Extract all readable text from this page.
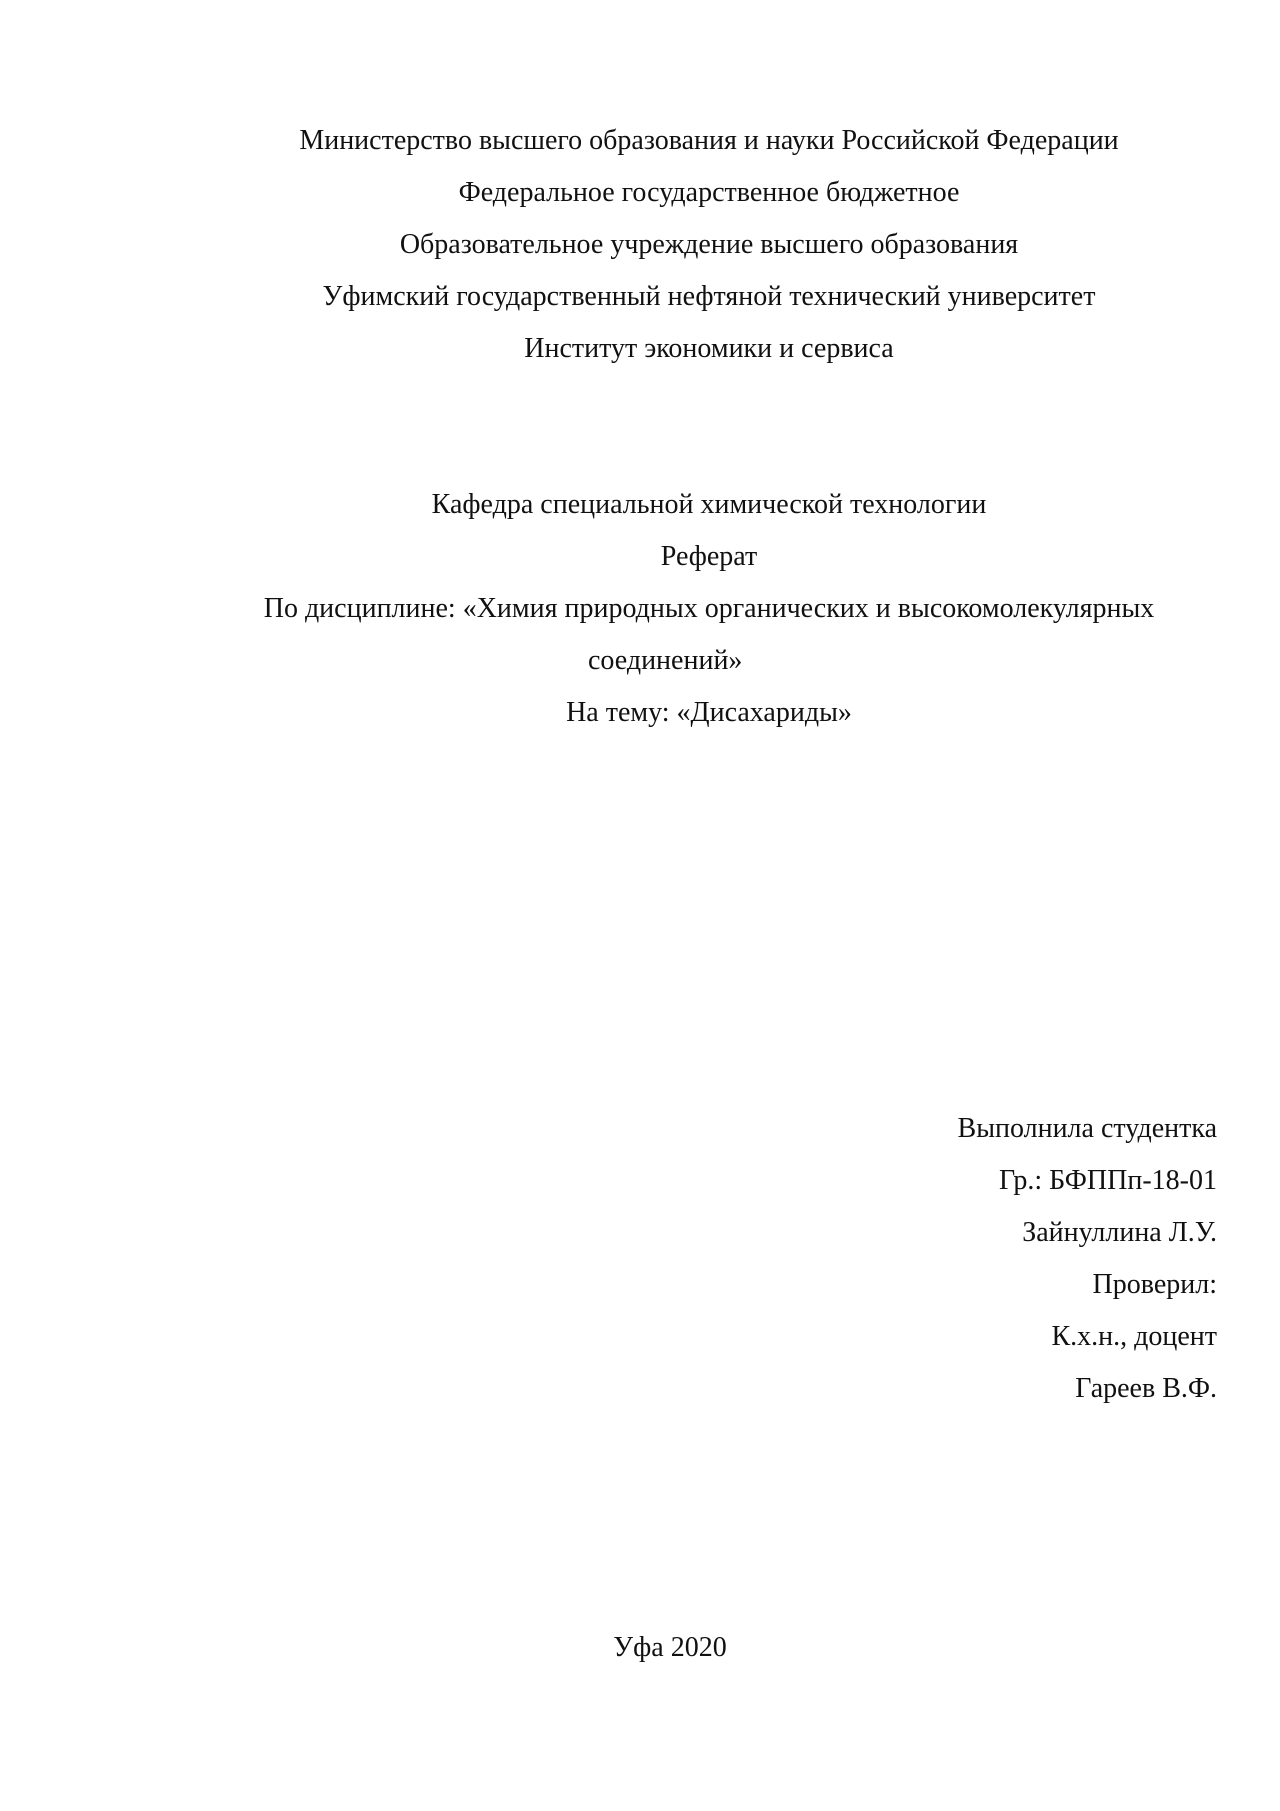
Министерство высшего образования и науки Российской Федерации
Федеральное государственное бюджетное
Образовательное учреждение высшего образования
Уфимский государственный нефтяной технический университет
Институт экономики и сервиса
Кафедра специальной химической технологии
Реферат
По дисциплине: «Химия природных органических и высокомолекулярных
соединений»
На тему: «Дисахариды»
Выполнила студентка
Гр.: БФППп-18-01
Зайнуллина Л.У.
Проверил:
К.х.н., доцент
Гареев В.Ф.
Уфа 2020
